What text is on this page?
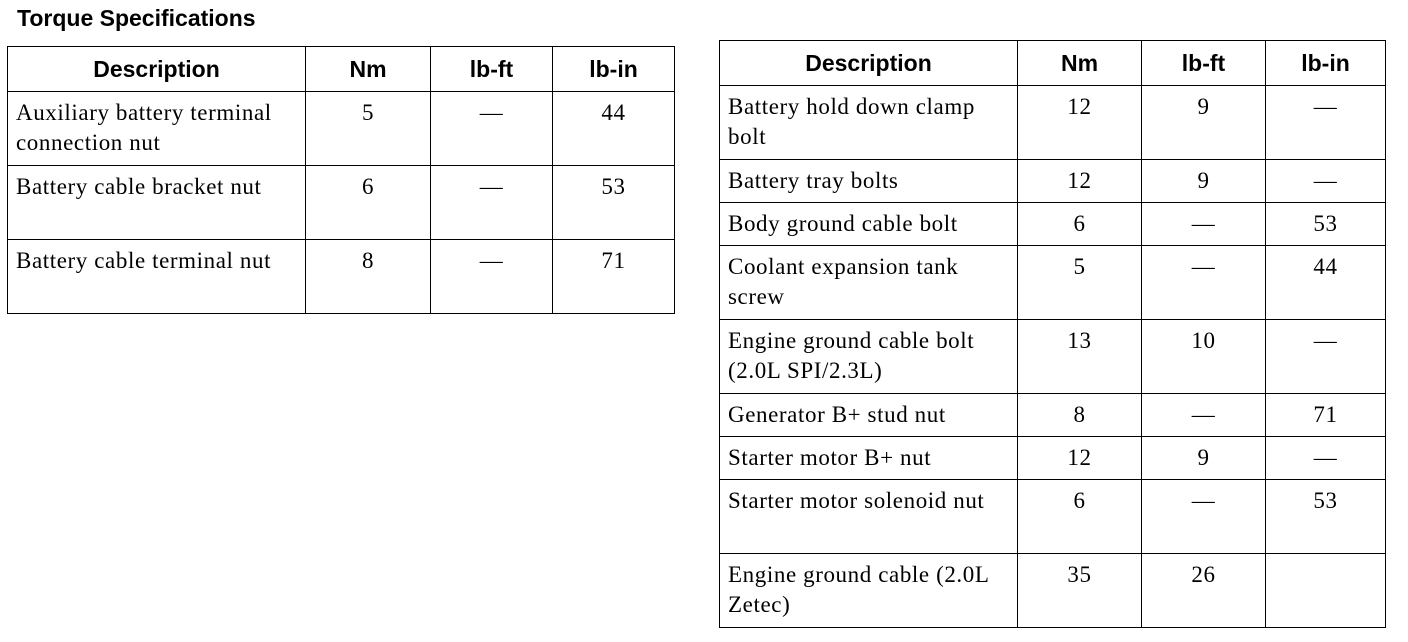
Torque Specifications
Description	Nm	lb-ft	lb-in
Auxiliary battery terminal connection nut	5	—	44
Battery cable bracket nut	6	—	53
Battery cable terminal nut	8	—	71
Description	Nm	lb-ft	lb-in
Battery hold down clamp bolt	12	9	—
Battery tray bolts	12	9	—
Body ground cable bolt	6	—	53
Coolant expansion tank screw	5	—	44
Engine ground cable bolt (2.0L SPI/2.3L)	13	10	—
Generator B+ stud nut	8	—	71
Starter motor B+ nut	12	9	—
Starter motor solenoid nut	6	—	53
Engine ground cable (2.0L Zetec)	35	26	
